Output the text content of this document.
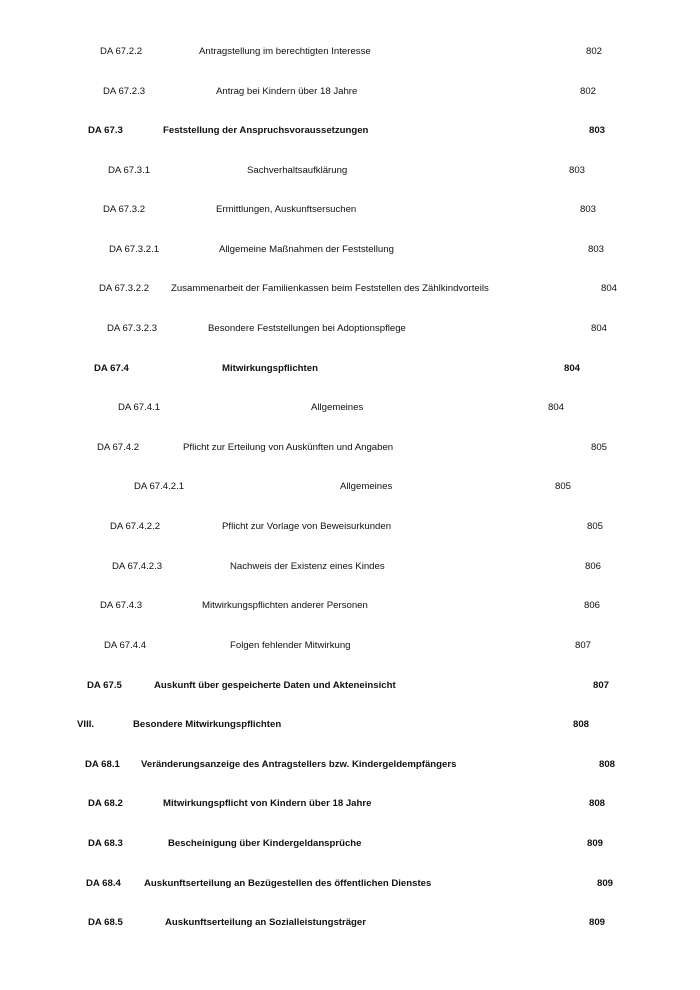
DA 67.2.2	Antragstellung im berechtigten Interesse	802
DA 67.2.3	Antrag bei Kindern über 18 Jahre	802
DA 67.3	Feststellung der Anspruchsvoraussetzungen	803
DA 67.3.1	Sachverhaltsaufklärung	803
DA 67.3.2	Ermittlungen, Auskunftsersuchen	803
DA 67.3.2.1	Allgemeine Maßnahmen der Feststellung	803
DA 67.3.2.2 Zusammenarbeit der Familienkassen beim Feststellen des Zählkindvorteils	804
DA 67.3.2.3	Besondere Feststellungen bei Adoptionspflege	804
DA 67.4	Mitwirkungspflichten	804
DA 67.4.1	Allgemeines	804
DA 67.4.2	Pflicht zur Erteilung von Auskünften und Angaben	805
DA 67.4.2.1	Allgemeines	805
DA 67.4.2.2	Pflicht zur Vorlage von Beweisurkunden	805
DA 67.4.2.3	Nachweis der Existenz eines Kindes	806
DA 67.4.3	Mitwirkungspflichten anderer Personen	806
DA 67.4.4	Folgen fehlender Mitwirkung	807
DA 67.5	Auskunft über gespeicherte Daten und Akteneinsicht	807
VIII.	Besondere Mitwirkungspflichten	808
DA 68.1 Veränderungsanzeige des Antragstellers bzw. Kindergeldempfängers	808
DA 68.2	Mitwirkungspflicht von Kindern über 18 Jahre	808
DA 68.3	Bescheinigung über Kindergeldansprüche	809
DA 68.4 Auskunftserteilung an Bezügestellen des öffentlichen Dienstes	809
DA 68.5	Auskunftserteilung an Sozialleistungsträger	809
